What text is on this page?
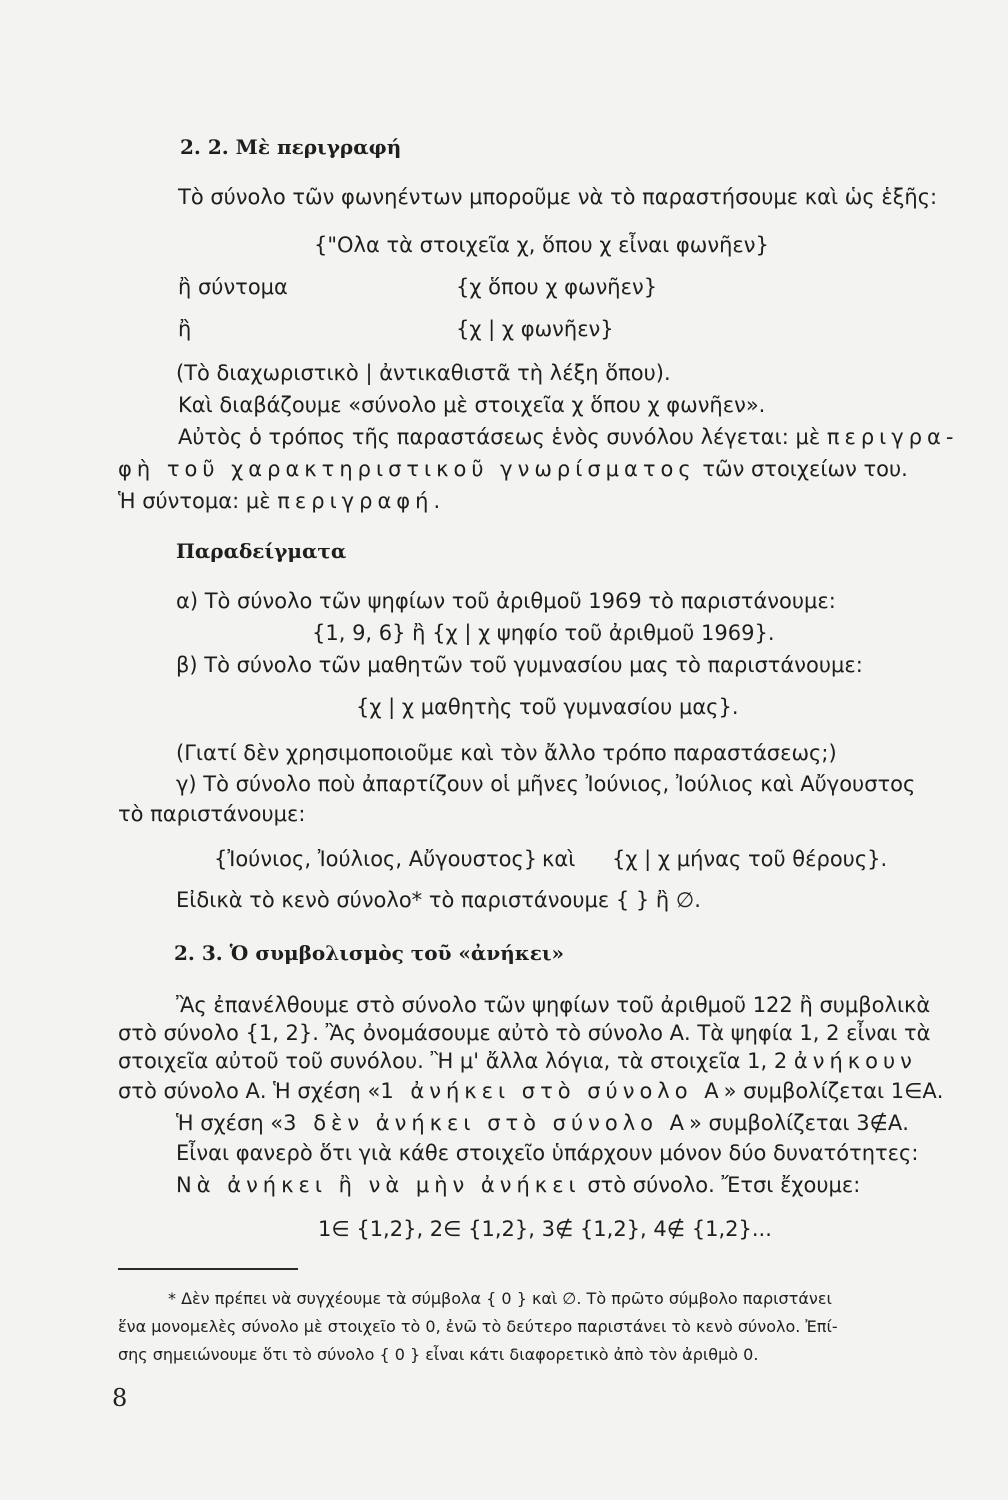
2. 2. Μὲ περιγραφή
Τὸ σύνολο τῶν φωνηέντων μποροῦμε νὰ τὸ παραστήσουμε καὶ ὡς ἑξῆς:
{"Ολα τὰ στοιχεῖα χ, ὅπου χ εἶναι φωνῆεν}
ἢ σύντομα	{χ ὅπου χ φωνῆεν}
ἢ	{χ | χ φωνῆεν}
(Τὸ διαχωριστικὸ | ἀντικαθιστᾶ τὴ λέξη ὅπου).
Καὶ διαβάζουμε «σύνολο μὲ στοιχεῖα χ ὅπου χ φωνῆεν».
Αὐτὸς ὁ τρόπος τῆς παραστάσεως ἑνὸς συνόλου λέγεται: μὲ περιγρα-
φὴ τοῦ χαρακτηριστικοῦ γνωρίσματος τῶν στοιχείων του.
Ἡ σύντομα: μὲ περιγραφή.
Παραδείγματα
α) Τὸ σύνολο τῶν ψηφίων τοῦ ἀριθμοῦ 1969 τὸ παριστάνουμε:
{1, 9, 6} ἢ {χ | χ ψηφίο τοῦ ἀριθμοῦ 1969}.
β) Τὸ σύνολο τῶν μαθητῶν τοῦ γυμνασίου μας τὸ παριστάνουμε:
{χ | χ μαθητὴς τοῦ γυμνασίου μας}.
(Γιατί δὲν χρησιμοποιοῦμε καὶ τὸν ἄλλο τρόπο παραστάσεως;)
γ) Τὸ σύνολο ποὺ ἀπαρτίζουν οἱ μῆνες Ἰούνιος, Ἰούλιος καὶ Αὔγουστος
τὸ παριστάνουμε:
{Ἰούνιος, Ἰούλιος, Αὔγουστος} καὶ {χ | χ μήνας τοῦ θέρους}.
Εἰδικὰ τὸ κενὸ σύνολο* τὸ παριστάνουμε { } ἢ ∅.
2. 3. Ὁ συμβολισμὸς τοῦ «ἀνήκει»
Ἂς ἐπανέλθουμε στὸ σύνολο τῶν ψηφίων τοῦ ἀριθμοῦ 122 ἢ συμβολικὰ
στὸ σύνολο {1, 2}. Ἂς ὀνομάσουμε αὐτὸ τὸ σύνολο Α. Τὰ ψηφία 1, 2 εἶναι τὰ
στοιχεῖα αὐτοῦ τοῦ συνόλου. Ἢ μ' ἄλλα λόγια, τὰ στοιχεῖα 1, 2 ἀνήκουν
στὸ σύνολο Α. Ἡ σχέση «1 ἀνήκει στὸ σύνολο Α» συμβολίζεται 1∈Α.
Ἡ σχέση «3 δὲν ἀνήκει στὸ σύνολο Α» συμβολίζεται 3∉Α.
Εἶναι φανερὸ ὅτι γιὰ κάθε στοιχεῖο ὑπάρχουν μόνον δύο δυνατότητες:
Νὰ ἀνήκει ἢ νὰ μὴν ἀνήκει στὸ σύνολο. Ἔτσι ἔχουμε:
1∈ {1,2}, 2∈ {1,2}, 3∉ {1,2}, 4∉ {1,2}...
* Δὲν πρέπει νὰ συγχέουμε τὰ σύμβολα { 0 } καὶ ∅. Τὸ πρῶτο σύμβολο παριστάνει
ἕνα μονομελὲς σύνολο μὲ στοιχεῖο τὸ 0, ἐνῶ τὸ δεύτερο παριστάνει τὸ κενὸ σύνολο. Ἐπί-
σης σημειώνουμε ὅτι τὸ σύνολο { 0 } εἶναι κάτι διαφορετικὸ ἀπὸ τὸν ἀριθμὸ 0.
8
